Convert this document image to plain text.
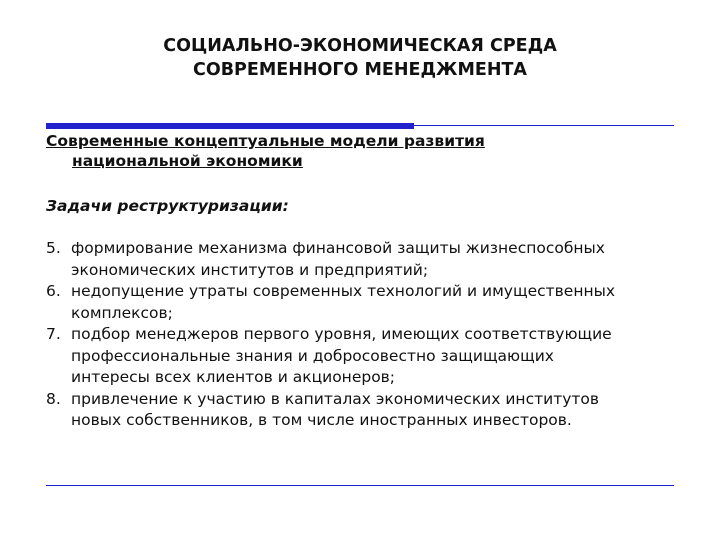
СОЦИАЛЬНО-ЭКОНОМИЧЕСКАЯ СРЕДА
СОВРЕМЕННОГО МЕНЕДЖМЕНТА
Современные концептуальные модели развития
национальной экономики
Задачи реструктуризации:
5. формирование механизма финансовой защиты жизнеспособных
экономических институтов и предприятий;
6. недопущение утраты современных технологий и имущественных
комплексов;
7. подбор менеджеров первого уровня, имеющих соответствующие
профессиональные знания и добросовестно защищающих
интересы всех клиентов и акционеров;
8. привлечение к участию в капиталах экономических институтов
новых собственников, в том числе иностранных инвесторов.
